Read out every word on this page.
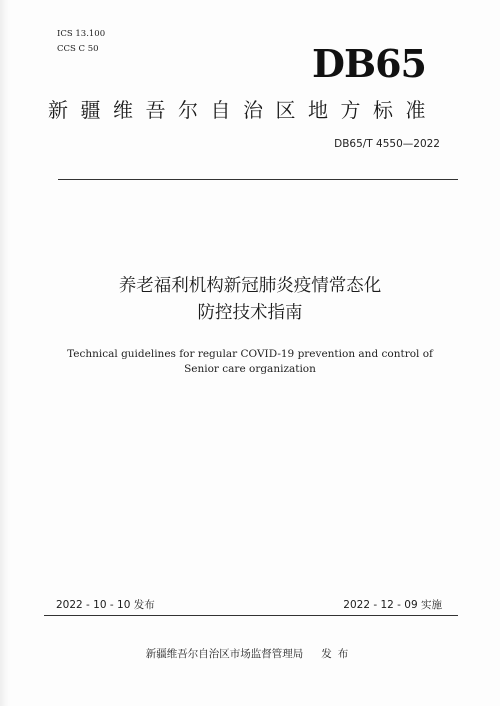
ICS 13.100
CCS C 50	DB65
新疆维吾尔自治区地方标准
DB65/T 4550—2022
养老福利机构新冠肺炎疫情常态化
防控技术指南
Technical guidelines for regular COVID-19 prevention and control of
Senior care organization
2022 - 10 - 10 发布	2022 - 12 - 09 实施
新疆维吾尔自治区市场监督管理局 发布
